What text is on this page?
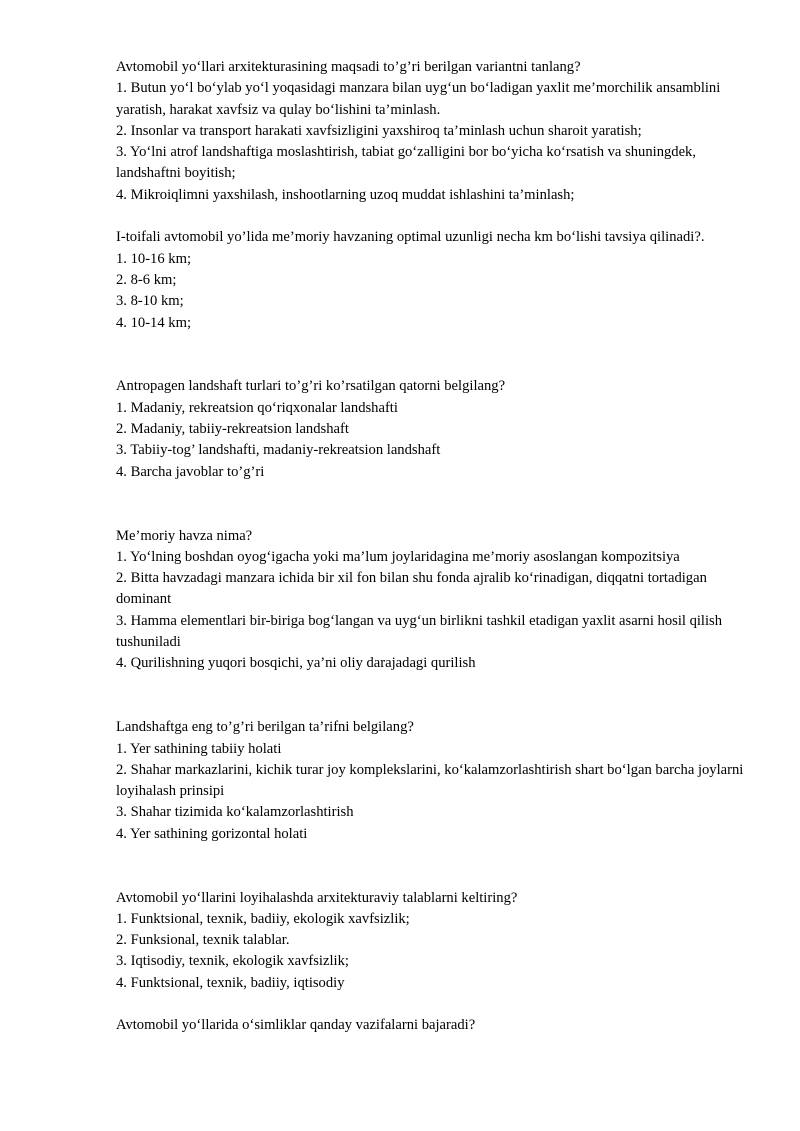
Avtomobil yo‘llari arxitekturasining maqsadi to’g’ri berilgan variantni tanlang?

1. Butun yo‘l bo‘ylab yo‘l yoqasidagi manzara bilan uyg‘un bo‘ladigan yaxlit me’morchilik ansamblini yaratish, harakat xavfsiz va qulay bo‘lishini ta’minlash.

2. Insonlar va transport harakati xavfsizligini yaxshiroq ta’minlash uchun sharoit yaratish;

3. Yo‘lni atrof landshaftiga moslashtirish, tabiat go‘zalligini bor bo‘yicha ko‘rsatish va shuningdek, landshaftni boyitish;

4. Mikroiqlimni yaxshilash, inshootlarning uzoq muddat ishlashini ta’minlash;

I-toifali avtomobil yo’lida me’moriy havzaning optimal uzunligi necha km bo‘lishi tavsiya qilinadi?.

1. 10-16 km;

2. 8-6 km;

3. 8-10 km;

4. 10-14 km;

Antropagen landshaft turlari to’g’ri ko’rsatilgan qatorni belgilang?

1. Madaniy, rekreatsion qo‘riqxonalar landshafti

2. Madaniy, tabiiy-rekreatsion landshaft

3. Tabiiy-tog’ landshafti, madaniy-rekreatsion landshaft

4. Barcha javoblar to’g’ri

Me’moriy havza nima?

1. Yo‘lning boshdan oyog‘igacha yoki ma’lum joylaridagina me’moriy asoslangan kompozitsiya

2. Bitta havzadagi manzara ichida bir xil fon bilan shu fonda ajralib ko‘rinadigan, diqqatni tortadigan dominant

3. Hamma elementlari bir-biriga bog‘langan va uyg‘un birlikni tashkil etadigan yaxlit asarni hosil qilish tushuniladi

4. Qurilishning yuqori bosqichi, ya’ni oliy darajadagi qurilish

Landshaftga eng to’g’ri berilgan ta’rifni belgilang?

1. Yer sathining tabiiy holati

2. Shahar markazlarini, kichik turar joy komplekslarini, ko‘kalamzorlashtirish shart bo‘lgan barcha joylarni loyihalash prinsipi

3. Shahar tizimida ko‘kalamzorlashtirish

4. Yer sathining gorizontal holati

Avtomobil yo‘llarini loyihalashda arxitekturaviy talablarni keltiring?

1. Funktsional, texnik, badiiy, ekologik xavfsizlik;

2. Funksional, texnik talablar.

3. Iqtisodiy, texnik, ekologik xavfsizlik;

4. Funktsional, texnik, badiiy, iqtisodiy

Avtomobil yo‘llarida o‘simliklar qanday vazifalarni bajaradi?
